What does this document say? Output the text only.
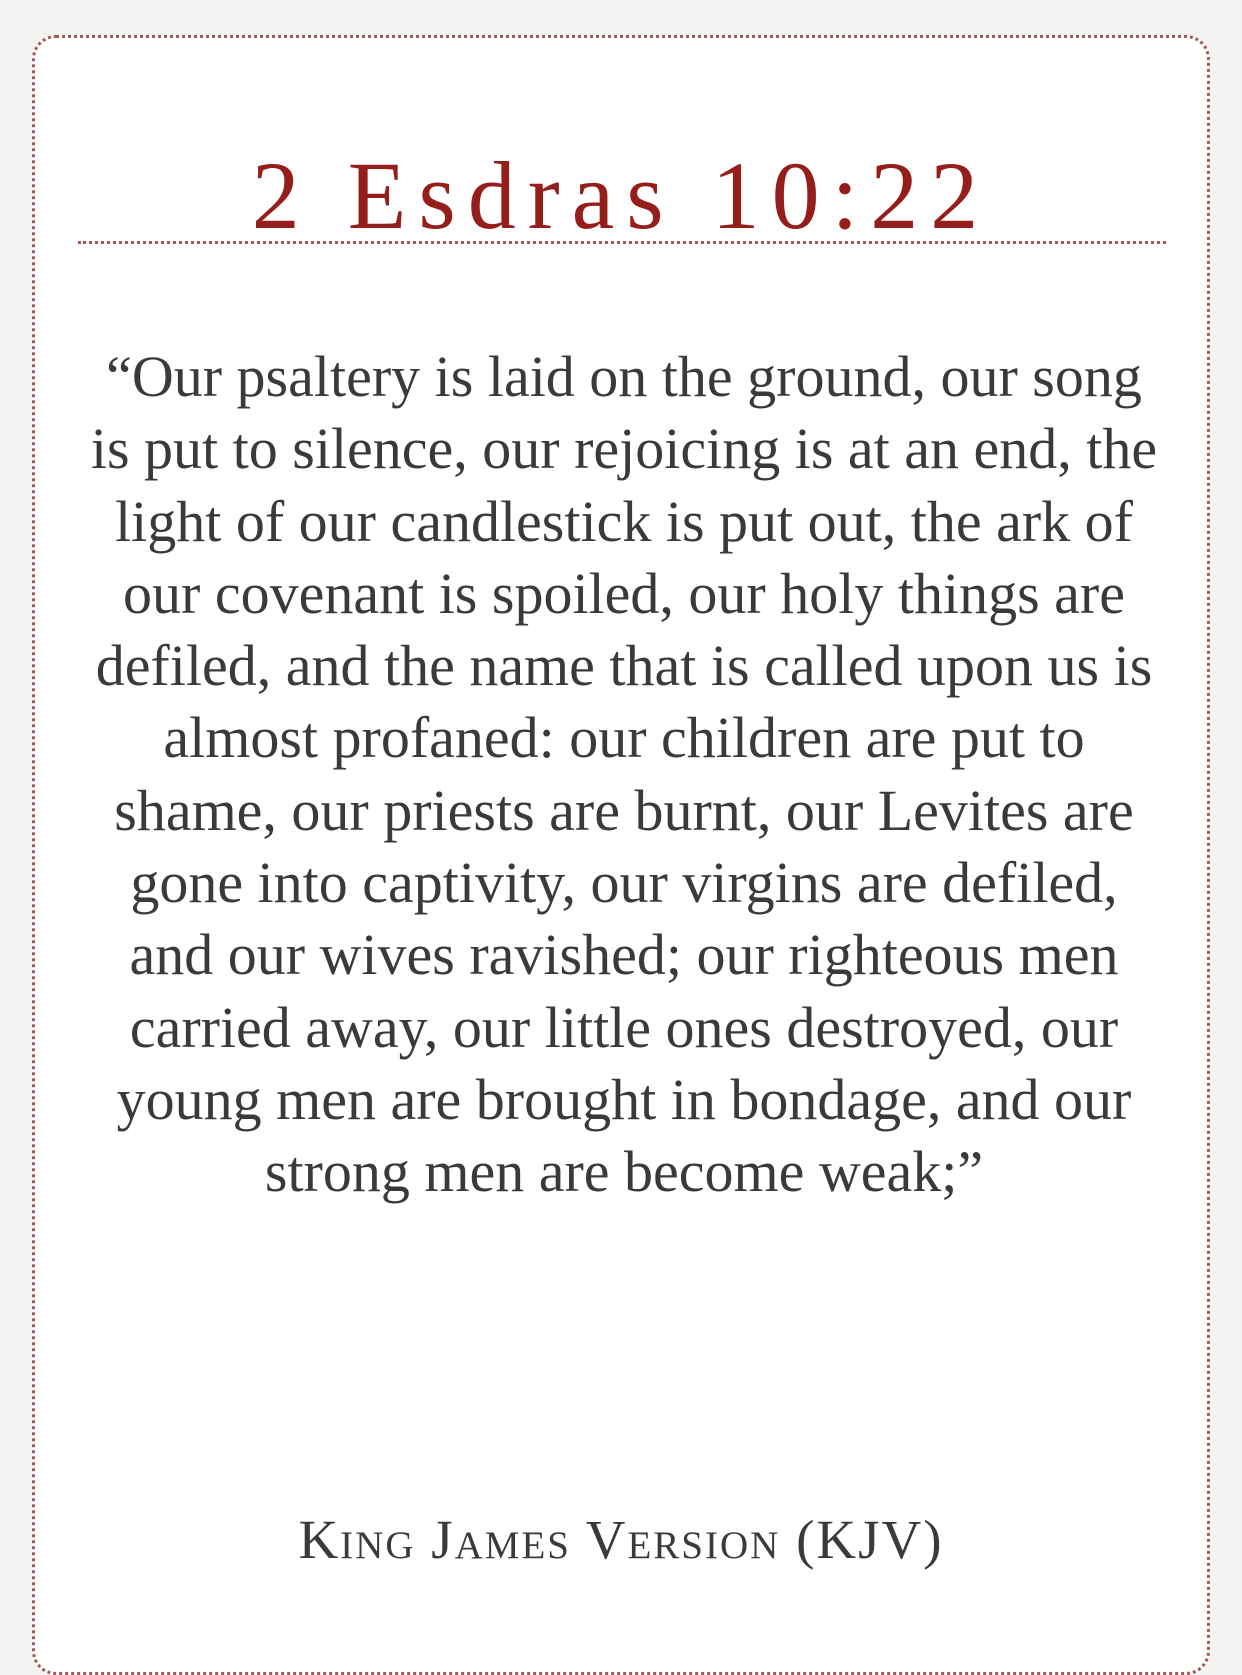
2 Esdras 10:22

“Our psaltery is laid on the ground, our song is put to silence, our rejoicing is at an end, the light of our candlestick is put out, the ark of our covenant is spoiled, our holy things are defiled, and the name that is called upon us is almost profaned: our children are put to shame, our priests are burnt, our Levites are gone into captivity, our virgins are defiled, and our wives ravished; our righteous men carried away, our little ones destroyed, our young men are brought in bondage, and our strong men are become weak;”

King James Version (KJV)
